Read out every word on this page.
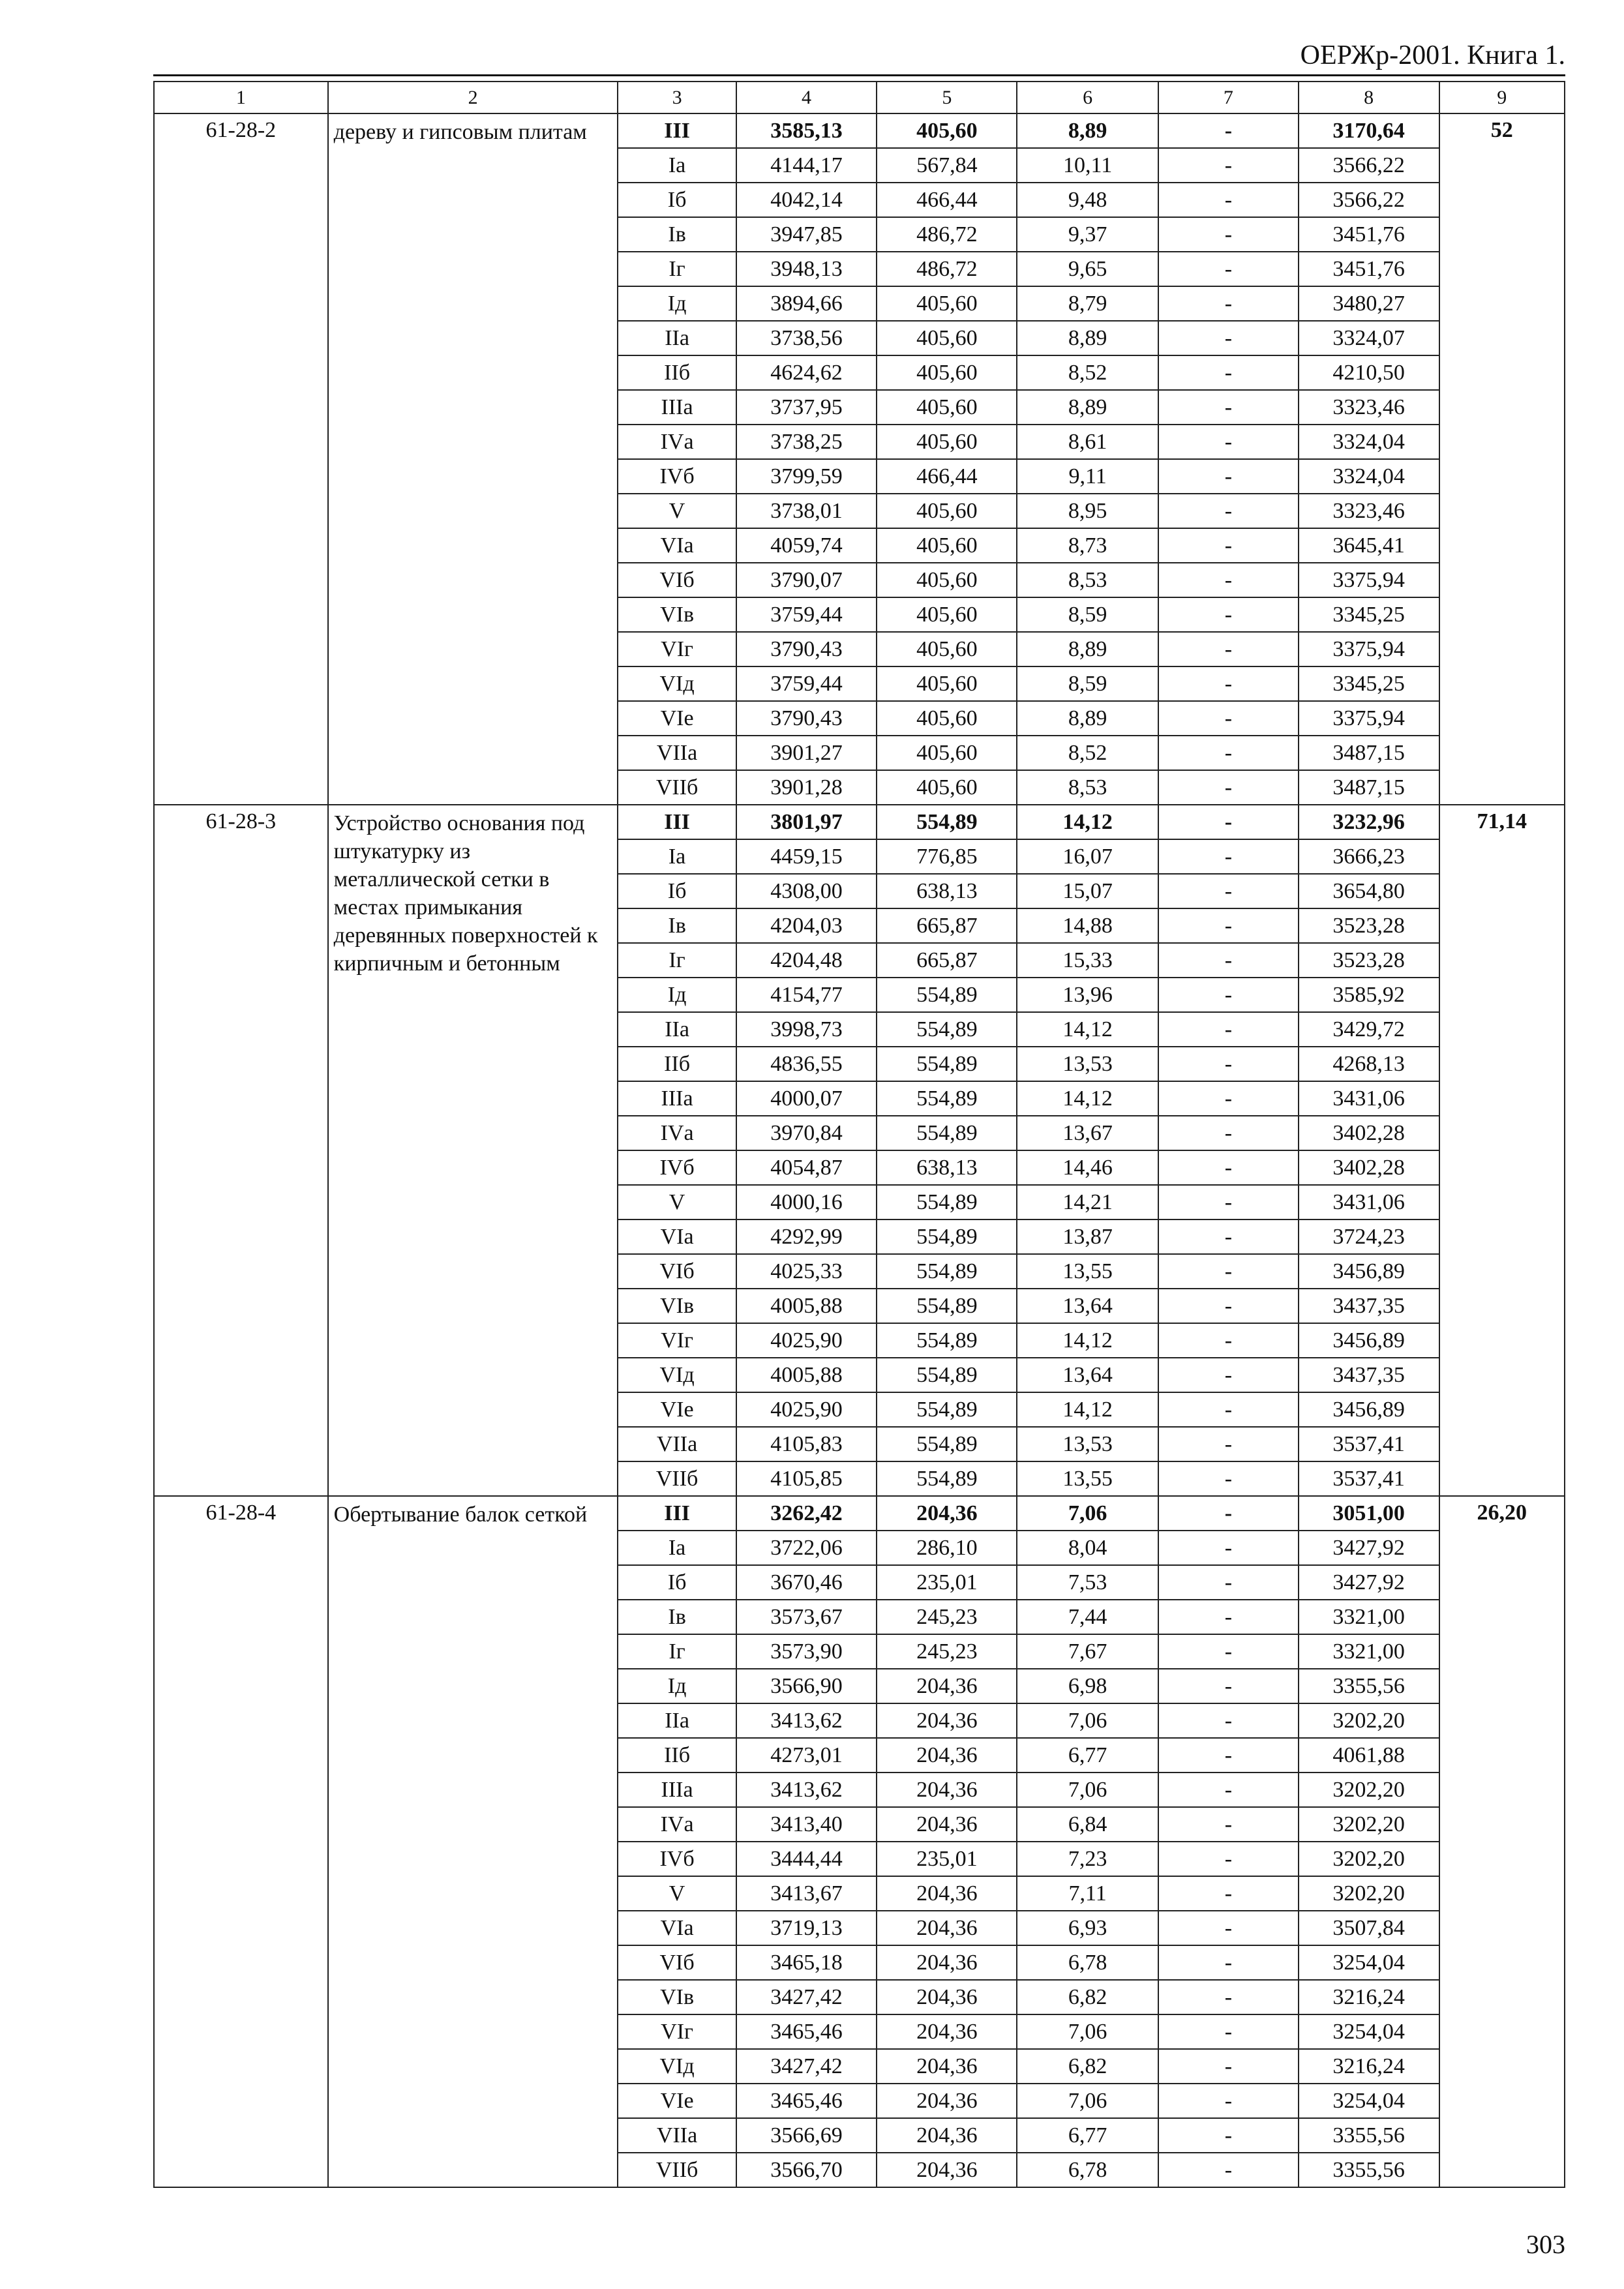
ОЕРЖр-2001. Книга 1.
1	2	3	4	5	6	7	8	9
61-28-2	дереву и гипсовым плитам	III	3585,13	405,60	8,89	-	3170,64	52
		Iа	4144,17	567,84	10,11	-	3566,22	
		Iб	4042,14	466,44	9,48	-	3566,22	
		Iв	3947,85	486,72	9,37	-	3451,76	
		Iг	3948,13	486,72	9,65	-	3451,76	
		Iд	3894,66	405,60	8,79	-	3480,27	
		IIа	3738,56	405,60	8,89	-	3324,07	
		IIб	4624,62	405,60	8,52	-	4210,50	
		IIIа	3737,95	405,60	8,89	-	3323,46	
		IVа	3738,25	405,60	8,61	-	3324,04	
		IVб	3799,59	466,44	9,11	-	3324,04	
		V	3738,01	405,60	8,95	-	3323,46	
		VIа	4059,74	405,60	8,73	-	3645,41	
		VIб	3790,07	405,60	8,53	-	3375,94	
		VIв	3759,44	405,60	8,59	-	3345,25	
		VIг	3790,43	405,60	8,89	-	3375,94	
		VIд	3759,44	405,60	8,59	-	3345,25	
		VIе	3790,43	405,60	8,89	-	3375,94	
		VIIа	3901,27	405,60	8,52	-	3487,15	
		VIIб	3901,28	405,60	8,53	-	3487,15	
61-28-3	Устройство основания под штукатурку из металлической сетки в местах примыкания деревянных поверхностей к кирпичным и бетонным	III	3801,97	554,89	14,12	-	3232,96	71,14
		Iа	4459,15	776,85	16,07	-	3666,23	
		Iб	4308,00	638,13	15,07	-	3654,80	
		Iв	4204,03	665,87	14,88	-	3523,28	
		Iг	4204,48	665,87	15,33	-	3523,28	
		Iд	4154,77	554,89	13,96	-	3585,92	
		IIа	3998,73	554,89	14,12	-	3429,72	
		IIб	4836,55	554,89	13,53	-	4268,13	
		IIIа	4000,07	554,89	14,12	-	3431,06	
		IVа	3970,84	554,89	13,67	-	3402,28	
		IVб	4054,87	638,13	14,46	-	3402,28	
		V	4000,16	554,89	14,21	-	3431,06	
		VIа	4292,99	554,89	13,87	-	3724,23	
		VIб	4025,33	554,89	13,55	-	3456,89	
		VIв	4005,88	554,89	13,64	-	3437,35	
		VIг	4025,90	554,89	14,12	-	3456,89	
		VIд	4005,88	554,89	13,64	-	3437,35	
		VIе	4025,90	554,89	14,12	-	3456,89	
		VIIа	4105,83	554,89	13,53	-	3537,41	
		VIIб	4105,85	554,89	13,55	-	3537,41	
61-28-4	Обертывание балок сеткой	III	3262,42	204,36	7,06	-	3051,00	26,20
		Iа	3722,06	286,10	8,04	-	3427,92	
		Iб	3670,46	235,01	7,53	-	3427,92	
		Iв	3573,67	245,23	7,44	-	3321,00	
		Iг	3573,90	245,23	7,67	-	3321,00	
		Iд	3566,90	204,36	6,98	-	3355,56	
		IIа	3413,62	204,36	7,06	-	3202,20	
		IIб	4273,01	204,36	6,77	-	4061,88	
		IIIа	3413,62	204,36	7,06	-	3202,20	
		IVа	3413,40	204,36	6,84	-	3202,20	
		IVб	3444,44	235,01	7,23	-	3202,20	
		V	3413,67	204,36	7,11	-	3202,20	
		VIа	3719,13	204,36	6,93	-	3507,84	
		VIб	3465,18	204,36	6,78	-	3254,04	
		VIв	3427,42	204,36	6,82	-	3216,24	
		VIг	3465,46	204,36	7,06	-	3254,04	
		VIд	3427,42	204,36	6,82	-	3216,24	
		VIе	3465,46	204,36	7,06	-	3254,04	
		VIIа	3566,69	204,36	6,77	-	3355,56	
		VIIб	3566,70	204,36	6,78	-	3355,56	
303
